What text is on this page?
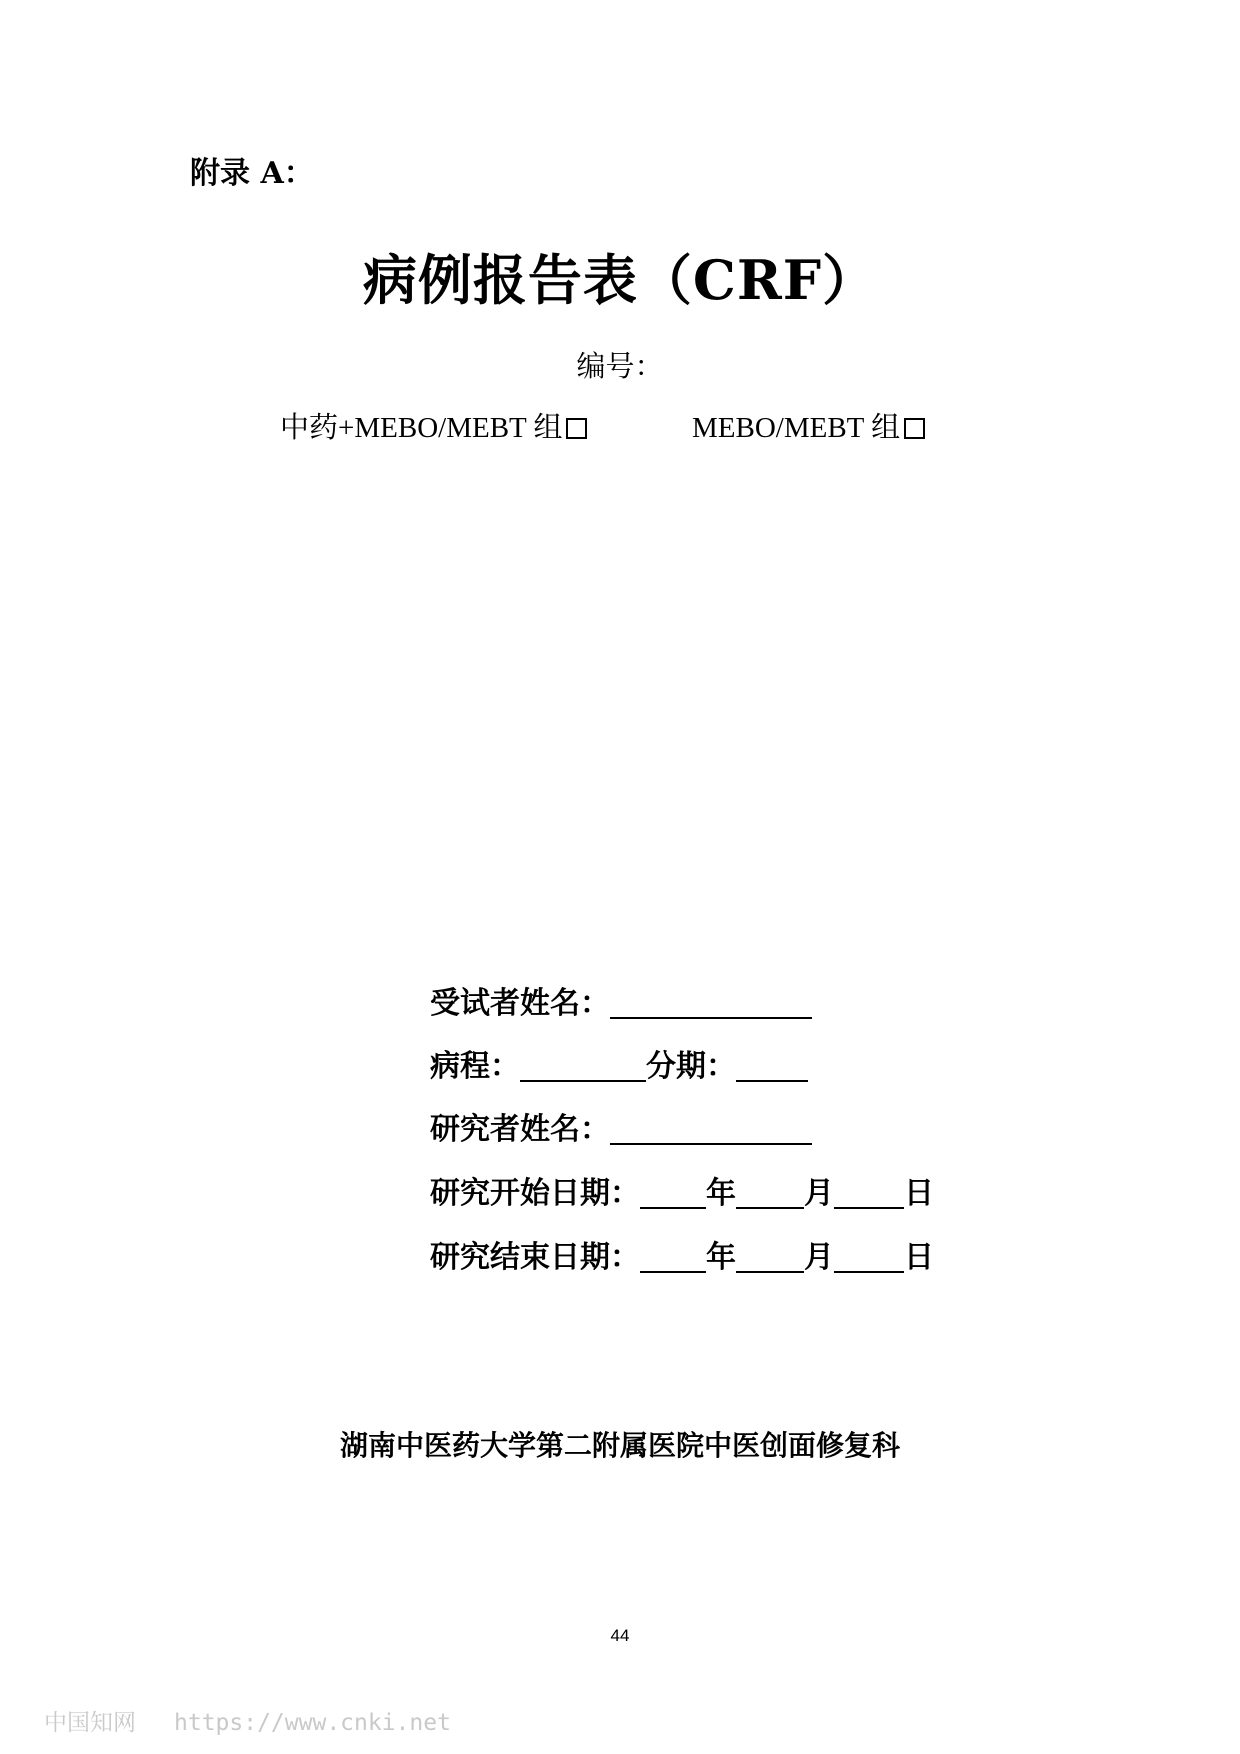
附录 A：
病例报告表（CRF）
编号：
中药+MEBO/MEBT 组	MEBO/MEBT 组
受试者姓名：
病程：	分期：
研究者姓名：
研究开始日期： 年 月 日
研究结束日期： 年 月 日
湖南中医药大学第二附属医院中医创面修复科
44
中国知网 https://www.cnki.net
